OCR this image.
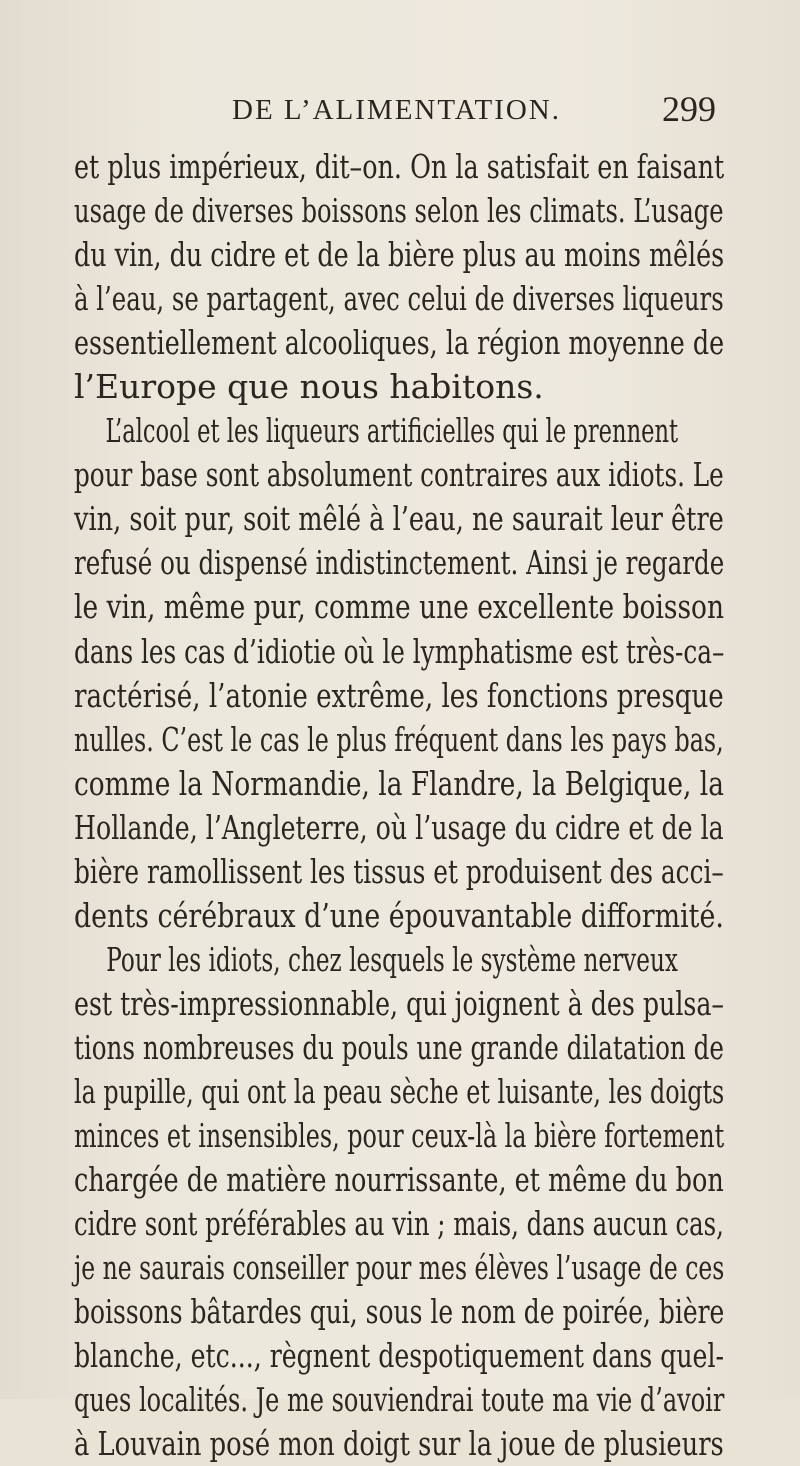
DE L’ALIMENTATION.	299
et plus impérieux, dit–on. On la satisfait en faisant
usage de diverses boissons selon les climats. L’usage
du vin, du cidre et de la bière plus au moins mêlés
à l’eau, se partagent, avec celui de diverses liqueurs
essentiellement alcooliques, la région moyenne de
l’Europe que nous habitons.
L’alcool et les liqueurs artificielles qui le prennent
pour base sont absolument contraires aux idiots. Le
vin, soit pur, soit mêlé à l’eau, ne saurait leur être
refusé ou dispensé indistinctement. Ainsi je regarde
le vin, même pur, comme une excellente boisson
dans les cas d’idiotie où le lymphatisme est très-ca–
ractérisé, l’atonie extrême, les fonctions presque
nulles. C’est le cas le plus fréquent dans les pays bas,
comme la Normandie, la Flandre, la Belgique, la
Hollande, l’Angleterre, où l’usage du cidre et de la
bière ramollissent les tissus et produisent des acci–
dents cérébraux d’une épouvantable difformité.
Pour les idiots, chez lesquels le système nerveux
est très-impressionnable, qui joignent à des pulsa–
tions nombreuses du pouls une grande dilatation de
la pupille, qui ont la peau sèche et luisante, les doigts
minces et insensibles, pour ceux-là la bière fortement
chargée de matière nourrissante, et même du bon
cidre sont préférables au vin ; mais, dans aucun cas,
je ne saurais conseiller pour mes élèves l’usage de ces
boissons bâtardes qui, sous le nom de poirée, bière
blanche, etc..., règnent despotiquement dans quel-
ques localités. Je me souviendrai toute ma vie d’avoir
à Louvain posé mon doigt sur la joue de plusieurs
